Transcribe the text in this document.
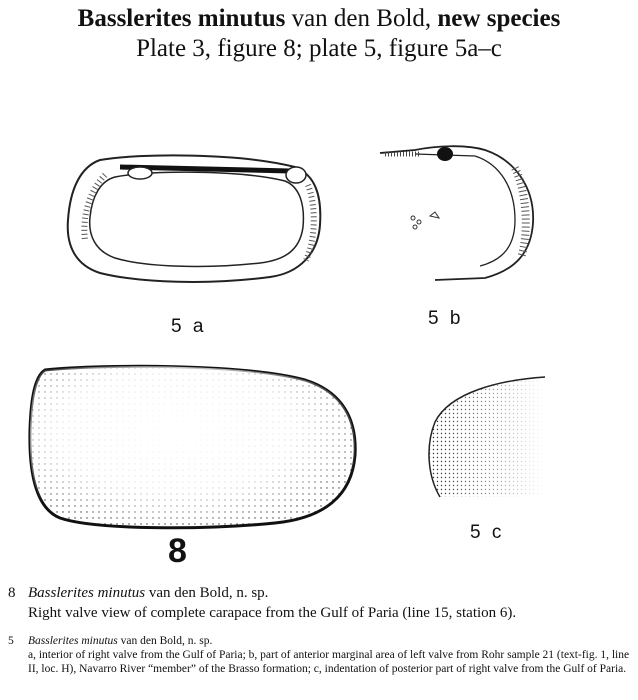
Basslerites minutus van den Bold, new species
Plate 3, figure 8; plate 5, figure 5a–c
5 a	5 b
8	5 c
8 Basslerites minutus van den Bold, n. sp.
Right valve view of complete carapace from the Gulf of Paria (line 15, station 6).
5 Basslerites minutus van den Bold, n. sp.
a, interior of right valve from the Gulf of Paria; b, part of anterior marginal area of left valve from Rohr sample 21 (text-fig. 1, line II, loc. H), Navarro River “member” of the Brasso formation; c, indentation of posterior part of right valve from the Gulf of Paria.
